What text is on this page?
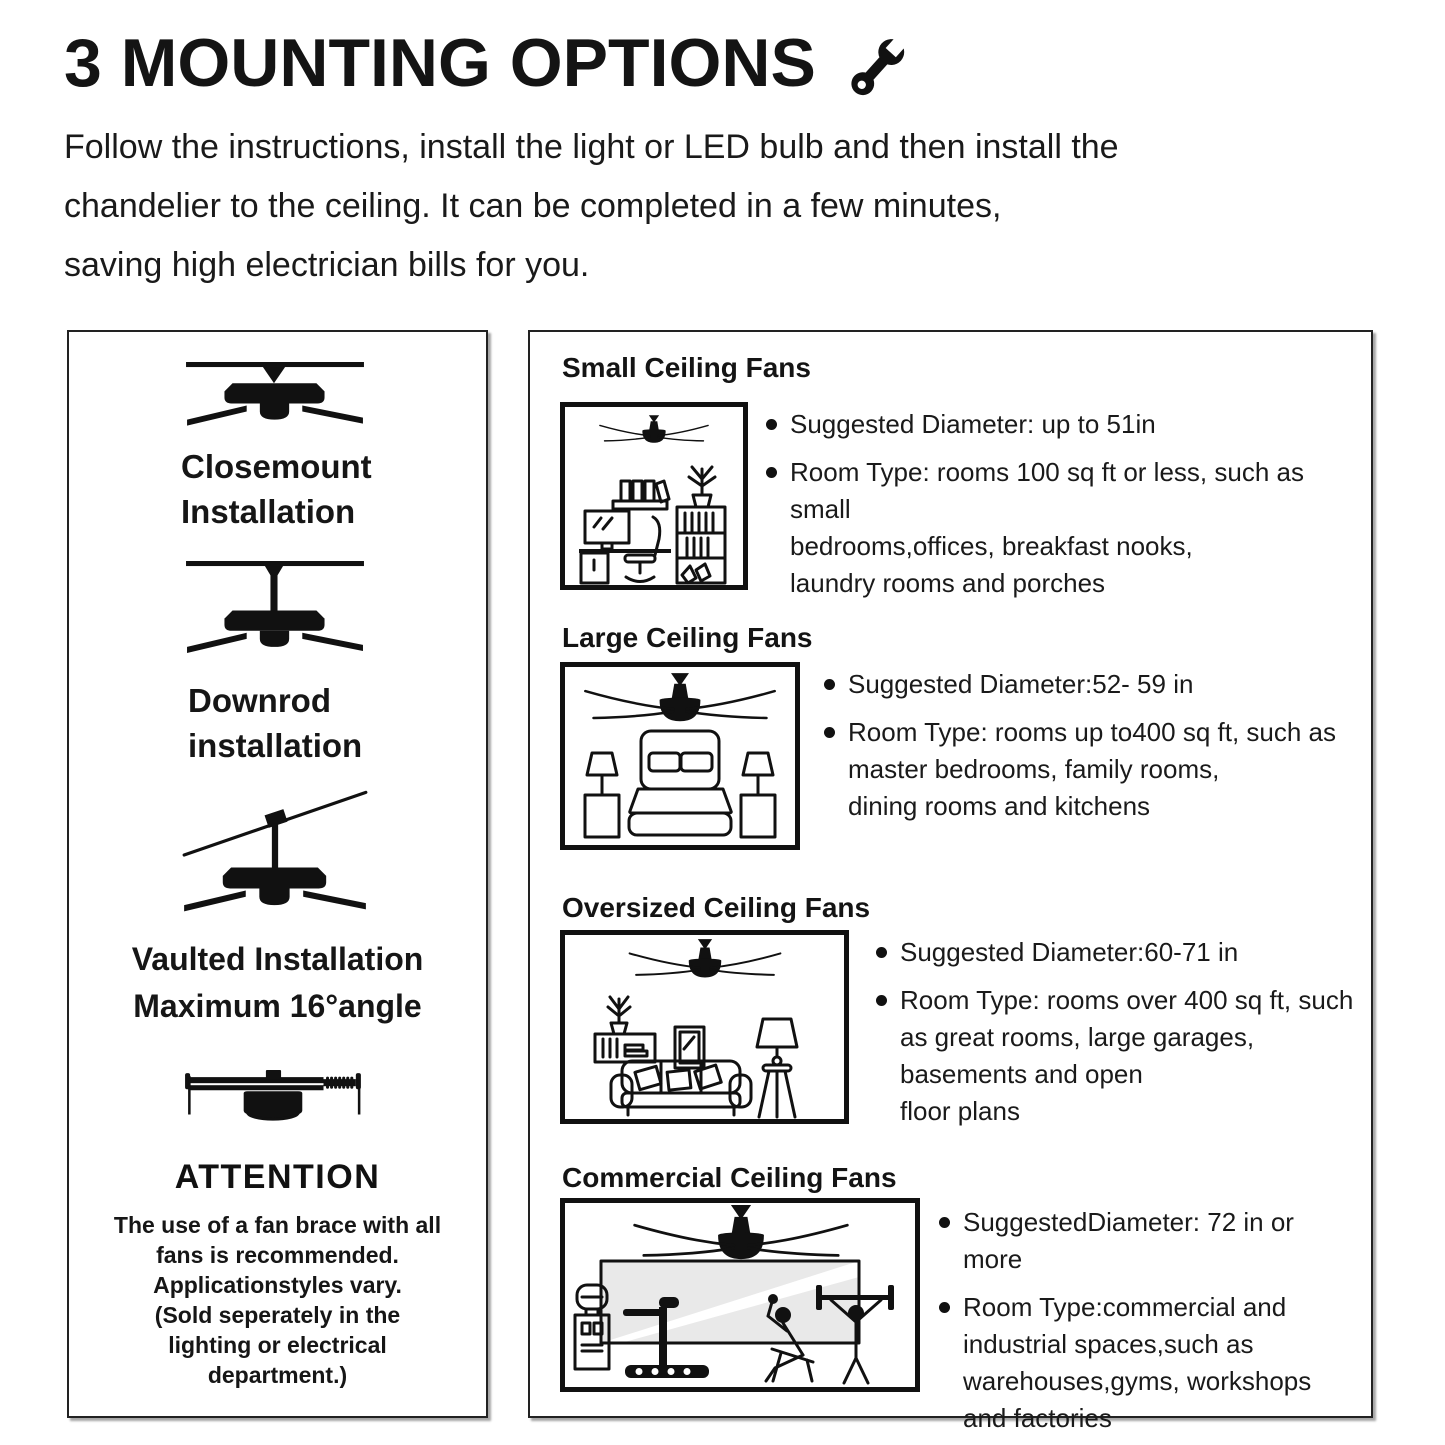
3 MOUNTING OPTIONS
Follow the instructions, install the light or LED bulb and then install the
chandelier to the ceiling. It can be completed in a few minutes,
saving high electrician bills for you.
Closemount
Installation
Downrod
installation
Vaulted Installation
Maximum 16°angle
ATTENTION
The use of a fan brace with all
fans is recommended.
Applicationstyles vary.
(Sold seperately in the
lighting or electrical
department.)
Small Ceiling Fans
Suggested Diameter: up to 51in
Room Type: rooms 100 sq ft or less, such as small
bedrooms,offices, breakfast nooks,
laundry rooms and porches
Large Ceiling Fans
Suggested Diameter:52- 59 in
Room Type: rooms up to400 sq ft, such as
master bedrooms, family rooms,
dining rooms and kitchens
Oversized Ceiling Fans
Suggested Diameter:60-71 in
Room Type: rooms over 400 sq ft, such
as great rooms, large garages,
basements and open
floor plans
Commercial Ceiling Fans
SuggestedDiameter: 72 in or more
Room Type:commercial and
industrial spaces,such as
warehouses,gyms, workshops
and factories
